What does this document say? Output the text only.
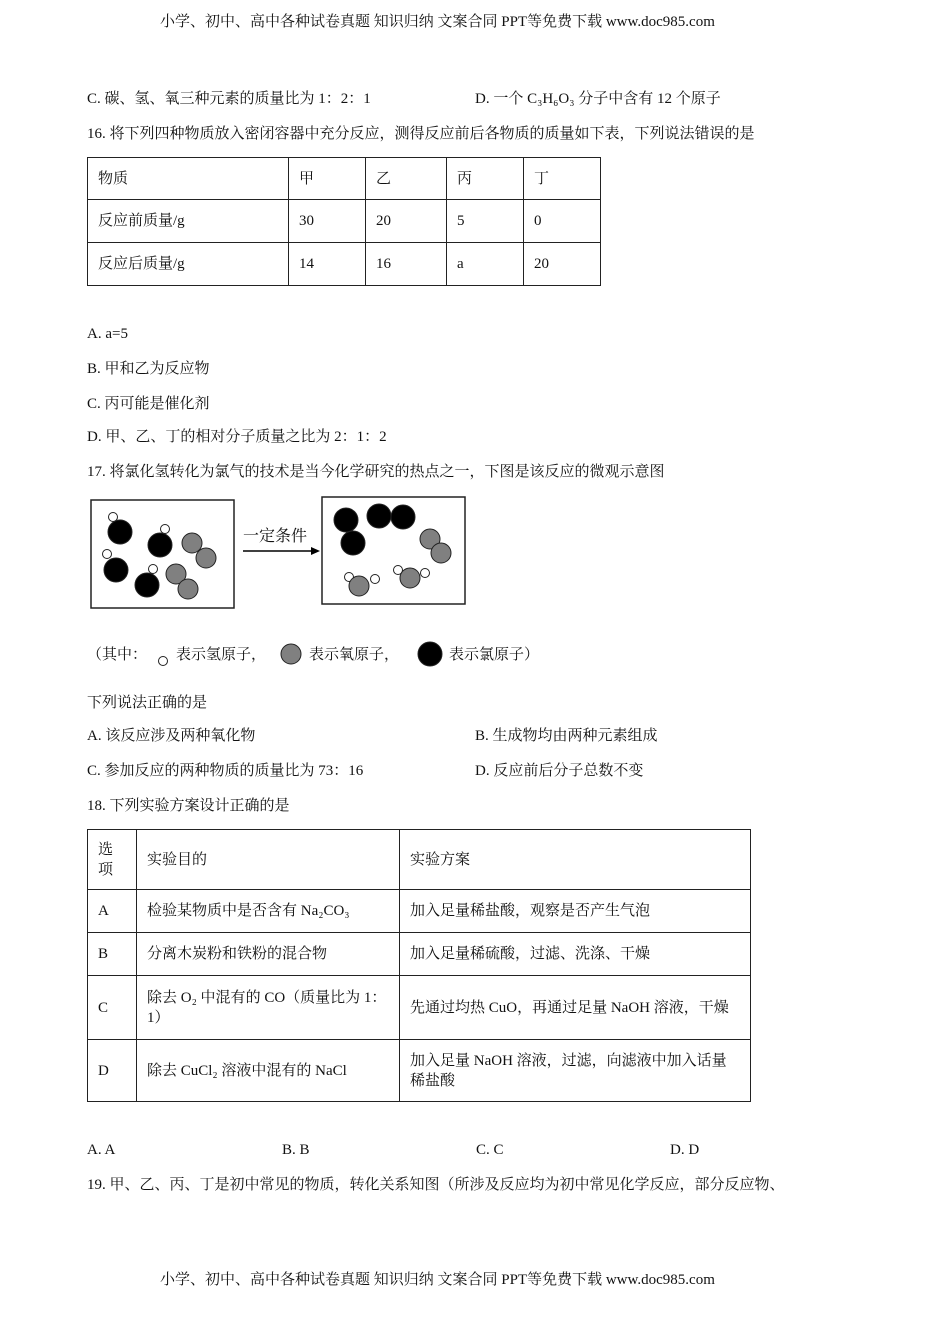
小学、初中、高中各种试卷真题 知识归纳 文案合同 PPT等免费下载 www.doc985.com
C. 碳、氢、氧三种元素的质量比为 1：2：1	D. 一个 C₃H₆O₃ 分子中含有 12 个原子
16. 将下列四种物质放入密闭容器中充分反应，测得反应前后各物质的质量如下表，下列说法错误的是
物质	甲	乙	丙	丁
反应前质量/g	30	20	5	0
反应后质量/g	14	16	a	20
A. a=5
B. 甲和乙为反应物
C. 丙可能是催化剂
D. 甲、乙、丁的相对分子质量之比为 2：1：2
17. 将氯化氢转化为氯气的技术是当今化学研究的热点之一，下图是该反应的微观示意图
一定条件
（其中： 表示氢原子，	表示氧原子，	表示氯原子）
下列说法正确的是
A. 该反应涉及两种氧化物	B. 生成物均由两种元素组成
C. 参加反应的两种物质的质量比为 73：16	D. 反应前后分子总数不变
18. 下列实验方案设计正确的是
选项	实验目的	实验方案
A	检验某物质中是否含有 Na₂CO₃	加入足量稀盐酸，观察是否产生气泡
B	分离木炭粉和铁粉的混合物	加入足量稀硫酸，过滤、洗涤、干燥
C	除去 O₂ 中混有的 CO（质量比为 1：1）	先通过均热 CuO，再通过足量 NaOH 溶液，干燥
D	除去 CuCl₂ 溶液中混有的 NaCl	加入足量 NaOH 溶液，过滤，向滤液中加入话量稀盐酸
A. A	B. B	C. C	D. D
19. 甲、乙、丙、丁是初中常见的物质，转化关系知图（所涉及反应均为初中常见化学反应，部分反应物、
小学、初中、高中各种试卷真题 知识归纳 文案合同 PPT等免费下载 www.doc985.com
